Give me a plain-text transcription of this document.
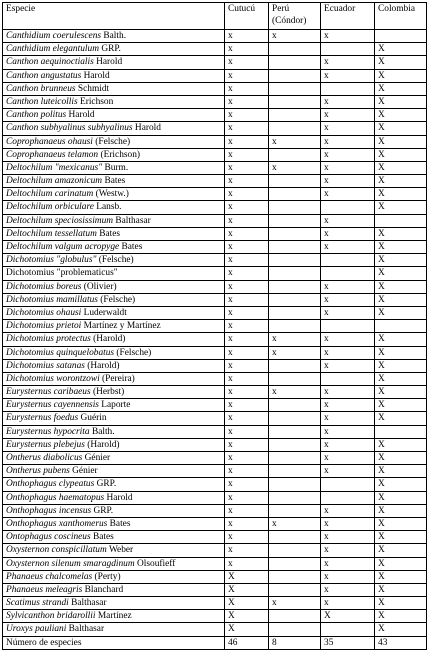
Especie	Cutucú	Perú (Cóndor)	Ecuador	Colombia
Canthidium coerulescens Balth.	x	x	x	
Canthidium elegantulum GRP.	x			X
Canthon aequinoctialis Harold	x		x	X
Canthon angustatus Harold	x		x	X
Canthon brunneus Schmidt	x			X
Canthon luteicollis Erichson	x		x	X
Canthon politus Harold	x		x	X
Canthon subhyalinus subhyalinus Harold	x		x	X
Coprophanaeus ohausi (Felsche)	x	x	x	X
Coprophanaeus telamon (Erichson)	x		x	X
Deltochilum "mexicanus" Burm.	x	x	x	X
Deltochilum amazonicum Bates	x		x	X
Deltochilum carinatum (Westw.)	x		x	X
Deltochilum orbiculare Lansb.	x			X
Deltochilum speciosissimum Balthasar	x		x	
Deltochilum tessellatum Bates	x		x	X
Deltochilum valgum acropyge Bates	x		x	X
Dichotomius "globulus" (Felsche)	x			X
Dichotomius "problematicus"	x			X
Dichotomius boreus (Olivier)	x		x	X
Dichotomius mamillatus (Felsche)	x		x	X
Dichotomius ohausi Luderwaldt	x		x	X
Dichotomius prietoi Martínez y Martínez	x			
Dichotomius protectus (Harold)	x	x	x	X
Dichotomius quinquelobatus (Felsche)	x	x	x	X
Dichotomius satanas (Harold)	x		x	X
Dichotomius worontzowi (Pereira)	x			X
Eurysternus caribaeus (Herbst)	x	x	x	X
Eurysternus cayennensis Laporte	x		x	X
Eurysternus foedus Guérin	x		x	X
Eurysternus hypocrita Balth.	x		x	
Eurysternus plebejus (Harold)	x		x	X
Ontherus diabolicus Génier	x		x	X
Ontherus pubens Génier	x		x	X
Onthophagus clypeatus GRP.	x			X
Onthophagus haematopus Harold	x			X
Onthophagus incensus GRP.	x		x	X
Onthophagus xanthomerus Bates	x	x	x	X
Ontophagus coscineus Bates	x		x	X
Oxysternon conspicillatum Weber	x		x	X
Oxysternon silenum smaragdinum Olsoufieff	x		x	X
Phanaeus chalcomelas (Perty)	X		x	X
Phanaeus meleagris Blanchard	X		x	X
Scatimus strandi Balthasar	X	x	x	X
Sylvicanthon bridarollii Martínez	X		X	X
Uroxys pauliani Balthasar	X			X
Número de especies	46	8	35	43
